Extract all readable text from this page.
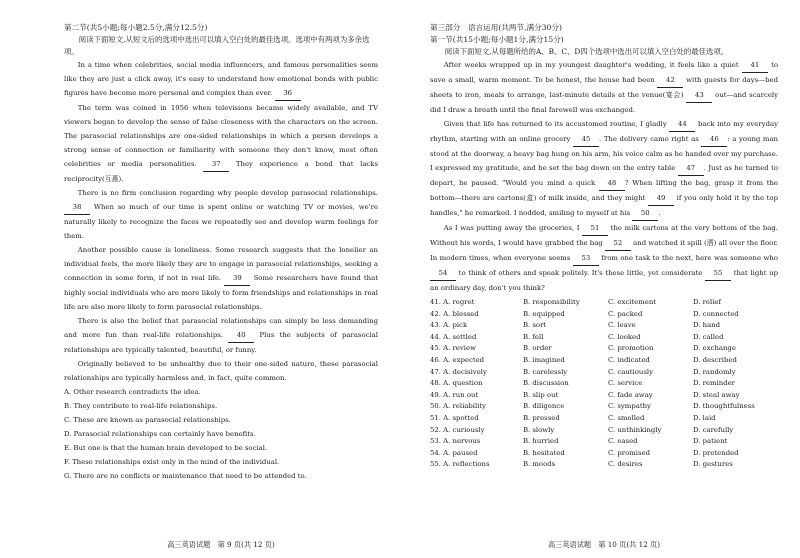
第二节(共5小题;每小题2.5分,满分12.5分)

阅读下面短文,从短文后的选项中选出可以填入空白处的最佳选项。选项中有两项为多余选项。

In a time when celebrities, social media influencers, and famous personalities seem like they are just a click away, it's easy to understand how emotional bonds with public figures have become more personal and complex than ever. 36

The term was coined in 1956 when televisions became widely available, and TV viewers began to develop the sense of false closeness with the characters on the screen. The parasocial relationships are one-sided relationships in which a person develops a strong sense of connection or familiarity with someone they don't know, most often celebrities or media personalities. 37 They experience a bond that lacks reciprocity(互惠).

There is no firm conclusion regarding why people develop parasocial relationships. 38 When so much of our time is spent online or watching TV or movies, we're naturally likely to recognize the faces we repeatedly see and develop warm feelings for them.

Another possible cause is loneliness. Some research suggests that the lonelier an individual feels, the more likely they are to engage in parasocial relationships, seeking a connection in some form, if not in real life. 39 Some researchers have found that highly social individuals who are more likely to form friendships and relationships in real life are also more likely to form parasocial relationships.

There is also the belief that parasocial relationships can simply be less demanding and more fun than real-life relationships. 40 Plus the subjects of parasocial relationships are typically talented, beautiful, or funny.

Originally believed to be unhealthy due to their one-sided nature, these parasocial relationships are typically harmless and, in fact, quite common.

A. Other research contradicts the idea.

B. They contribute to real-life relationships.

C. These are known as parasocial relationships.

D. Parasocial relationships can certainly have benefits.

E. But one is that the human brain developed to be social.

F. These relationships exist only in the mind of the individual.

G. There are no conflicts or maintenance that need to be attended to.

高三英语试题　第 9 页(共 12 页)

第三部分　语言运用(共两节,满分30分)

第一节(共15小题;每小题1分,满分15分)

阅读下面短文,从每题所给的A、B、C、D四个选项中选出可以填入空白处的最佳选项。

After weeks wrapped up in my youngest daughter's wedding, it feels like a quiet 41 to save a small, warm moment. To be honest, the house had been 42 with guests for days—bed sheets to iron, meals to arrange, last-minute details at the venue(宴会) 43 out—and scarcely did I draw a breath until the final farewell was exchanged.

Given that life has returned to its accustomed routine, I gladly 44 back into my everyday rhythm, starting with an online grocery 45 . The delivery came right as 46 : a young man stood at the doorway, a heavy bag hung on his arm, his voice calm as he handed over my purchase. I expressed my gratitude, and he set the bag down on the entry table 47 . Just as he turned to depart, he paused. "Would you mind a quick 48 ? When lifting the bag, grasp it from the bottom—there are cartons(盒) of milk inside, and they might 49 if you only hold it by the top handles," he remarked. I nodded, smiling to myself at his 50 .

As I was putting away the groceries, I 51 the milk cartons at the very bottom of the bag. Without his words, I would have grabbed the bag 52 and watched it spill (洒) all over the floor. In modern times, when everyone seems 53 from one task to the next, here was someone who 54 to think of others and speak politely. It's these little, yet considerate 55 that light up an ordinary day, don't you think?

41. A. regret	B. responsibility	C. excitement	D. relief
42. A. blessed	B. equipped	C. packed	D. connected
43. A. pick	B. sort	C. leave	D. hand
44. A. settled	B. fell	C. looked	D. called
45. A. review	B. order	C. promotion	D. exchange
46. A. expected	B. imagined	C. indicated	D. described
47. A. decisively	B. carelessly	C. cautiously	D. randomly
48. A. question	B. discussion	C. service	D. reminder
49. A. run out	B. slip out	C. fade away	D. steal away
50. A. reliability	B. diligence	C. sympathy	D. thoughtfulness
51. A. spotted	B. pressed	C. smelled	D. laid
52. A. curiously	B. slowly	C. unthinkingly	D. carefully
53. A. nervous	B. hurried	C. eased	D. patient
54. A. paused	B. hesitated	C. promised	D. pretended
55. A. reflections	B. moods	C. desires	D. gestures
高三英语试题　第 10 页(共 12 页)
